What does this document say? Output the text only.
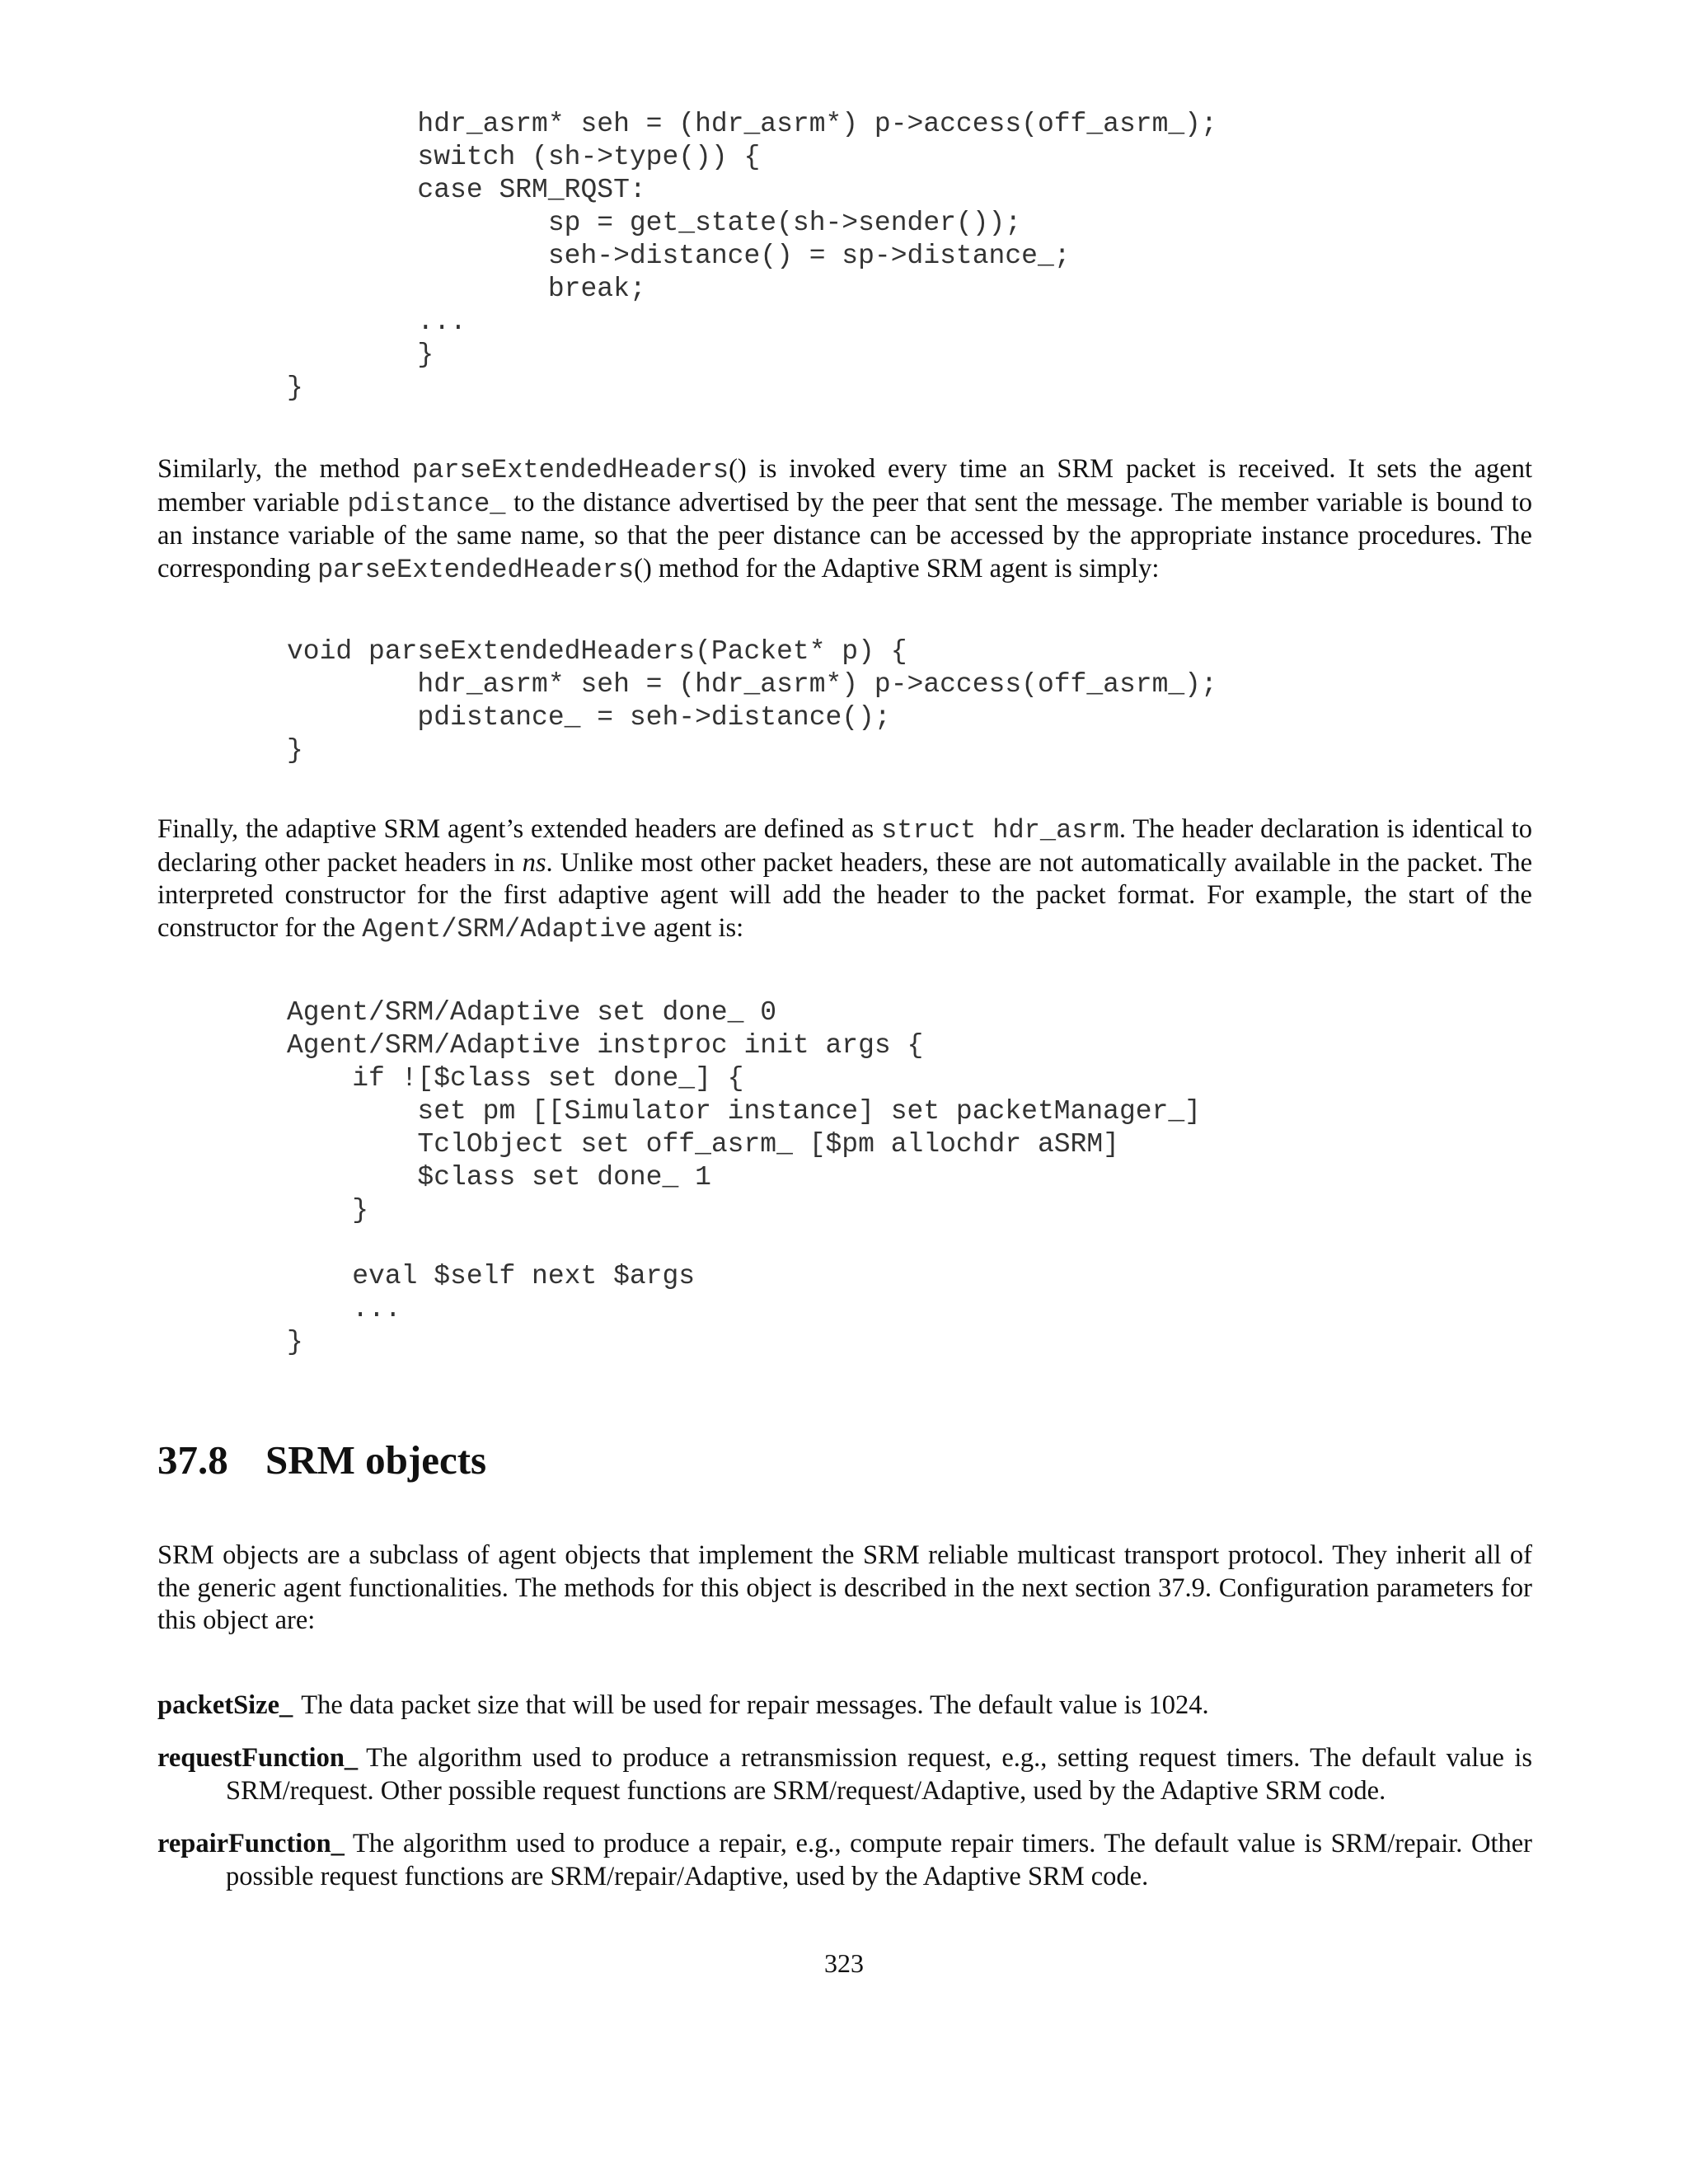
hdr_asrm* seh = (hdr_asrm*) p->access(off_asrm_);
switch (sh->type()) {
case SRM_RQST:
sp = get_state(sh->sender());
seh->distance() = sp->distance_;
break;
...
}
}

Similarly, the method parseExtendedHeaders() is invoked every time an SRM packet is received. It sets the agent member variable pdistance_ to the distance advertised by the peer that sent the message. The member variable is bound to an instance variable of the same name, so that the peer distance can be accessed by the appropriate instance procedures. The corresponding parseExtendedHeaders() method for the Adaptive SRM agent is simply:

void parseExtendedHeaders(Packet* p) {
hdr_asrm* seh = (hdr_asrm*) p->access(off_asrm_);
pdistance_ = seh->distance();
}

Finally, the adaptive SRM agent’s extended headers are defined as struct hdr_asrm. The header declaration is identical to declaring other packet headers in ns. Unlike most other packet headers, these are not automatically available in the packet. The interpreted constructor for the first adaptive agent will add the header to the packet format. For example, the start of the constructor for the Agent/SRM/Adaptive agent is:

Agent/SRM/Adaptive set done_ 0
Agent/SRM/Adaptive instproc init args {
if ![$class set done_] {
set pm [[Simulator instance] set packetManager_]
TclObject set off_asrm_ [$pm allochdr aSRM]
$class set done_ 1
}

eval $self next $args
...
}
37.8 SRM objects

SRM objects are a subclass of agent objects that implement the SRM reliable multicast transport protocol. They inherit all of the generic agent functionalities. The methods for this object is described in the next section 37.9. Configuration parameters for this object are:

packetSize_ The data packet size that will be used for repair messages. The default value is 1024.

requestFunction_ The algorithm used to produce a retransmission request, e.g., setting request timers. The default value is SRM/request. Other possible request functions are SRM/request/Adaptive, used by the Adaptive SRM code.

repairFunction_ The algorithm used to produce a repair, e.g., compute repair timers. The default value is SRM/repair. Other possible request functions are SRM/repair/Adaptive, used by the Adaptive SRM code.

323
